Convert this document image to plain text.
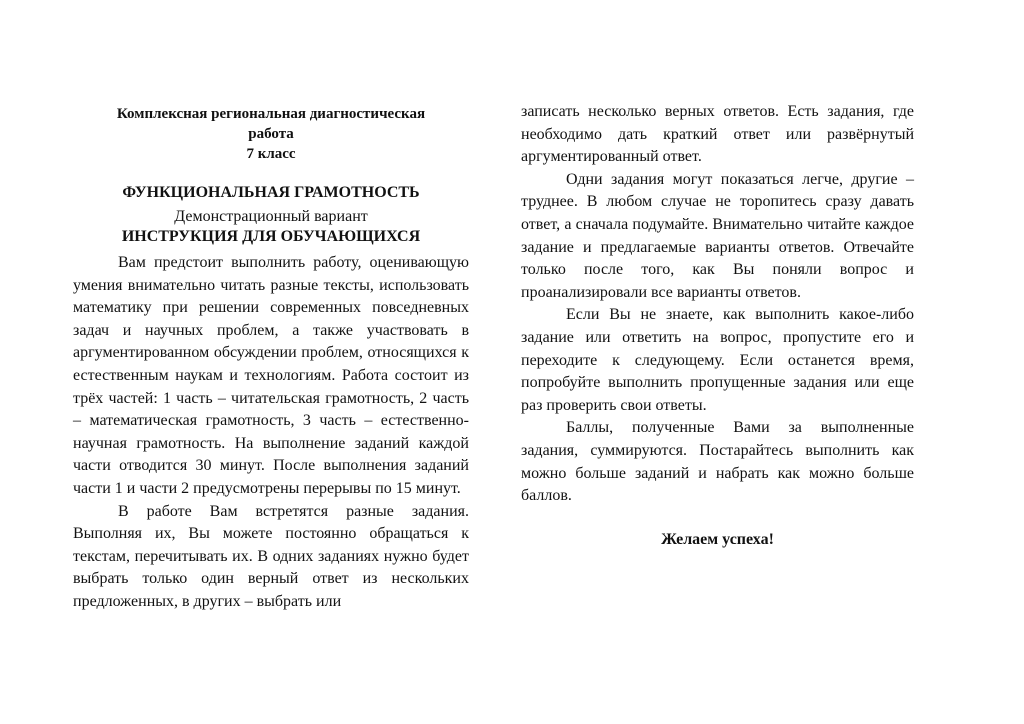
Комплексная региональная диагностическая
работа
7 класс
ФУНКЦИОНАЛЬНАЯ ГРАМОТНОСТЬ
Демонстрационный вариант
ИНСТРУКЦИЯ ДЛЯ ОБУЧАЮЩИХСЯ

Вам предстоит выполнить работу, оценивающую умения внимательно читать разные тексты, использовать математику при решении современных повседневных задач и научных проблем, а также участвовать в аргументированном обсуждении проблем, относящихся к естественным наукам и технологиям. Работа состоит из трёх частей: 1 часть – читательская грамотность, 2 часть – математическая грамотность, 3 часть – естественно-научная грамотность. На выполнение заданий каждой части отводится 30 минут. После выполнения заданий части 1 и части 2 предусмотрены перерывы по 15 минут.

В работе Вам встретятся разные задания. Выполняя их, Вы можете постоянно обращаться к текстам, перечитывать их. В одних заданиях нужно будет выбрать только один верный ответ из нескольких предложенных, в других – выбрать или

записать несколько верных ответов. Есть задания, где необходимо дать краткий ответ или развёрнутый аргументированный ответ.

Одни задания могут показаться легче, другие – труднее. В любом случае не торопитесь сразу давать ответ, а сначала подумайте. Внимательно читайте каждое задание и предлагаемые варианты ответов. Отвечайте только после того, как Вы поняли вопрос и проанализировали все варианты ответов.

Если Вы не знаете, как выполнить какое-либо задание или ответить на вопрос, пропустите его и переходите к следующему. Если останется время, попробуйте выполнить пропущенные задания или еще раз проверить свои ответы.

Баллы, полученные Вами за выполненные задания, суммируются. Постарайтесь выполнить как можно больше заданий и набрать как можно больше баллов.

Желаем успеха!
